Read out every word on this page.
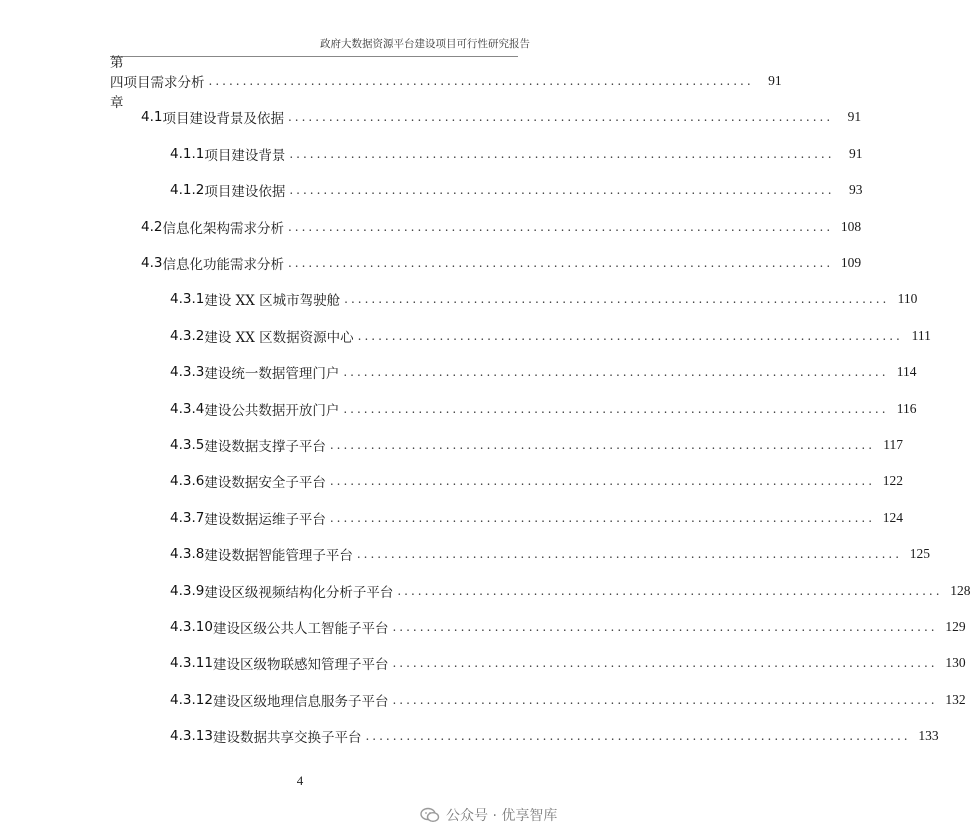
政府大数据资源平台建设项目可行性研究报告
第四章
项目需求分析 ................................................................................	91
4.1 项目建设背景及依据 ................................................................................	91
4.1.1 项目建设背景 ................................................................................	91
4.1.2 项目建设依据 ................................................................................	93
4.2 信息化架构需求分析 ................................................................................ 108
4.3 信息化功能需求分析 ................................................................................ 109
4.3.1 建设 XX 区城市驾驶舱 ................................................................................ 110
4.3.2 建设 XX 区数据资源中心 ................................................................................ 111
4.3.3 建设统一数据管理门户 ................................................................................ 114
4.3.4 建设公共数据开放门户 ................................................................................ 116
4.3.5 建设数据支撑子平台 ................................................................................ 117
4.3.6 建设数据安全子平台 ................................................................................ 122
4.3.7 建设数据运维子平台 ................................................................................ 124
4.3.8 建设数据智能管理子平台 ................................................................................ 125
4.3.9 建设区级视频结构化分析子平台 ................................................................................ 128
4.3.10 建设区级公共人工智能子平台 ................................................................................ 129
4.3.11 建设区级物联感知管理子平台 ................................................................................ 130
4.3.12 建设区级地理信息服务子平台 ................................................................................ 132
4.3.13 建设数据共享交换子平台 ................................................................................ 133
4
公众号 · 优享智库
